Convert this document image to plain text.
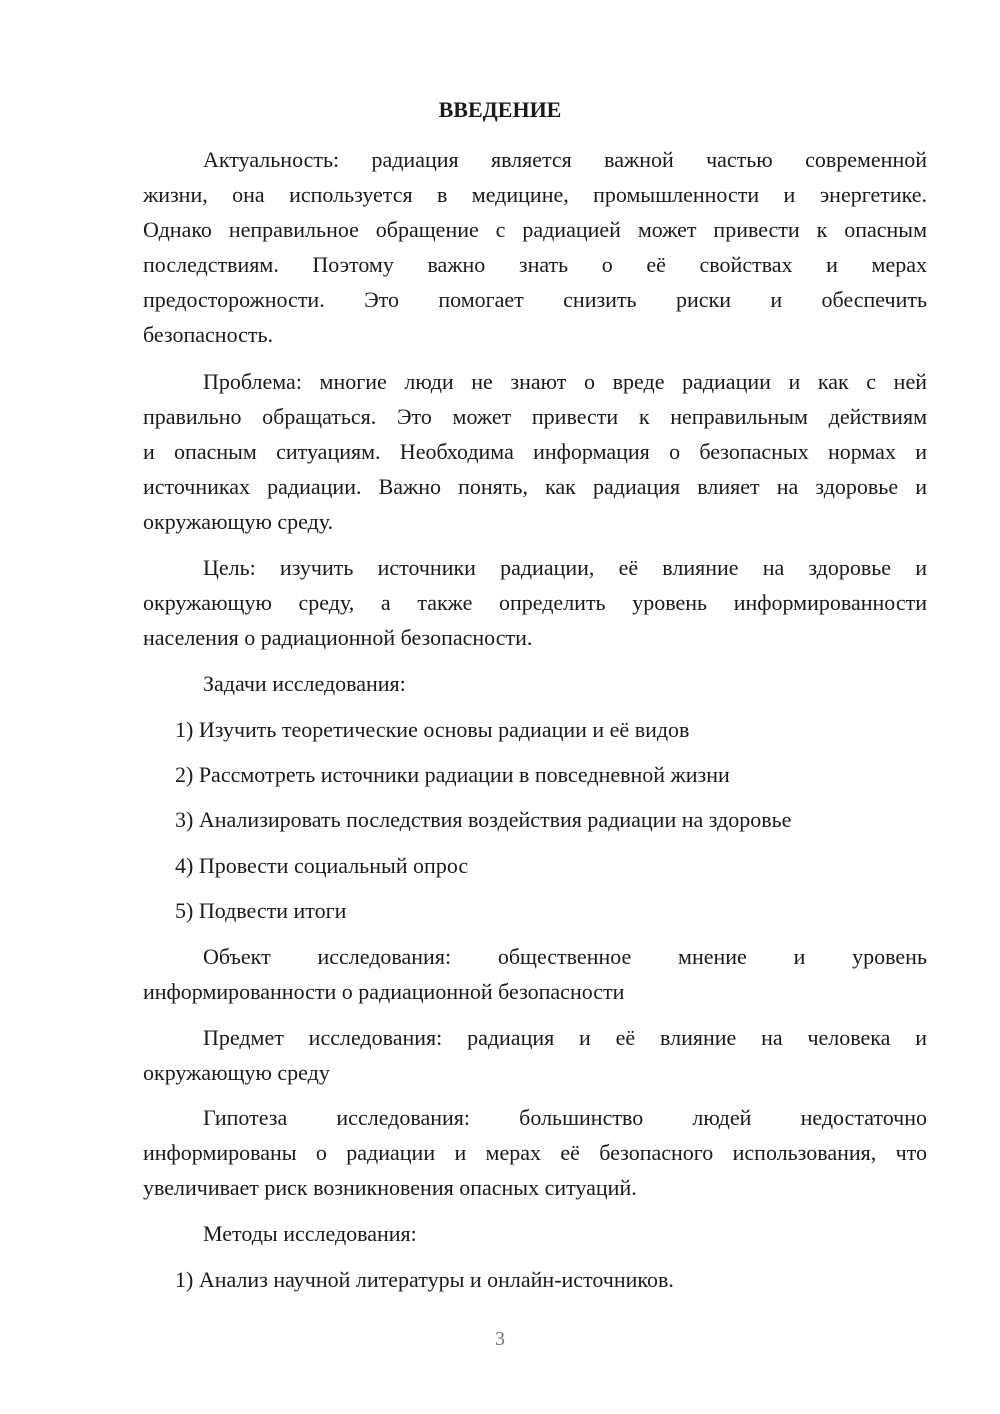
ВВЕДЕНИЕ
Актуальность: радиация является важной частью современной
жизни, она используется в медицине, промышленности и энергетике.
Однако неправильное обращение с радиацией может привести к опасным
последствиям. Поэтому важно знать о её свойствах и мерах
предосторожности. Это помогает снизить риски и обеспечить
безопасность.
Проблема: многие люди не знают о вреде радиации и как с ней
правильно обращаться. Это может привести к неправильным действиям
и опасным ситуациям. Необходима информация о безопасных нормах и
источниках радиации. Важно понять, как радиация влияет на здоровье и
окружающую среду.
Цель: изучить источники радиации, её влияние на здоровье и
окружающую среду, а также определить уровень информированности
населения о радиационной безопасности.
Задачи исследования:

1) Изучить теоретические основы радиации и её видов

2) Рассмотреть источники радиации в повседневной жизни

3) Анализировать последствия воздействия радиации на здоровье

4) Провести социальный опрос

5) Подвести итоги

Объект исследования: общественное мнение и уровень
информированности о радиационной безопасности
Предмет исследования: радиация и её влияние на человека и
окружающую среду
Гипотеза исследования: большинство людей недостаточно
информированы о радиации и мерах её безопасного использования, что
увеличивает риск возникновения опасных ситуаций.
Методы исследования:

1) Анализ научной литературы и онлайн-источников.

3
